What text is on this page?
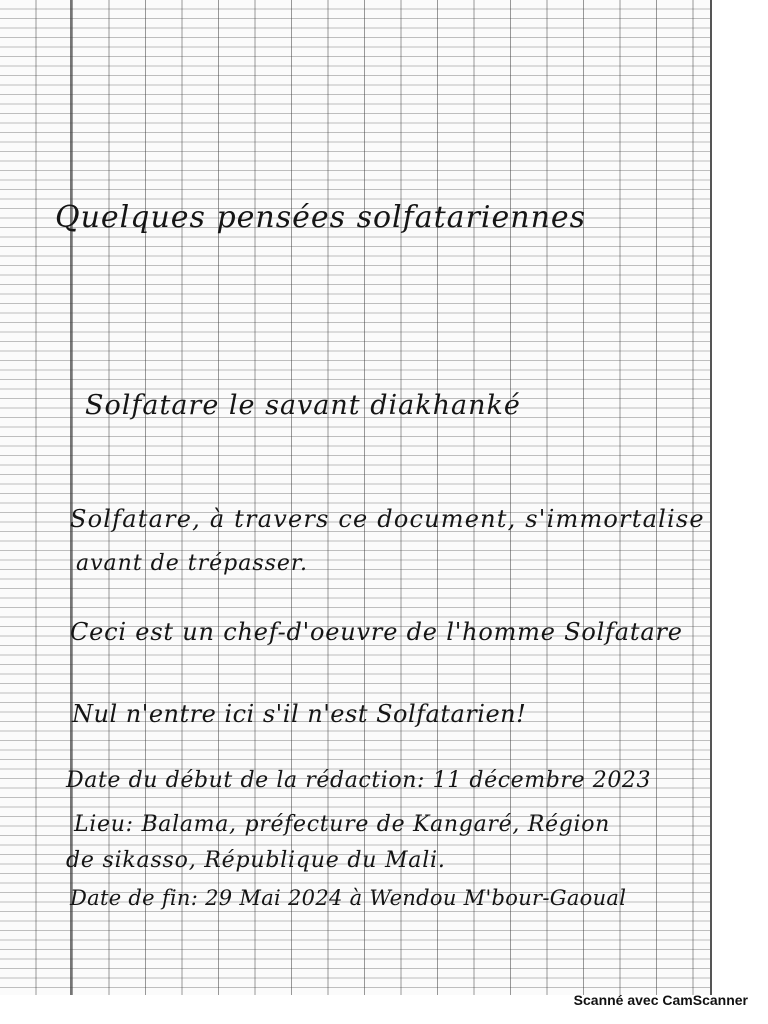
Quelques pensées solfatariennes

Solfatare le savant diakhanké

Solfatare, à travers ce document, s'immortalise

avant de trépasser.

Ceci est un chef-d'oeuvre de l'homme Solfatare

Nul n'entre ici s'il n'est Solfatarien!

Date du début de la rédaction: 11 décembre 2023

Lieu: Balama, préfecture de Kangaré, Région

de sikasso, République du Mali.

Date de fin: 29 Mai 2024 à Wendou M'bour-Gaoual

Scanné avec CamScanner
